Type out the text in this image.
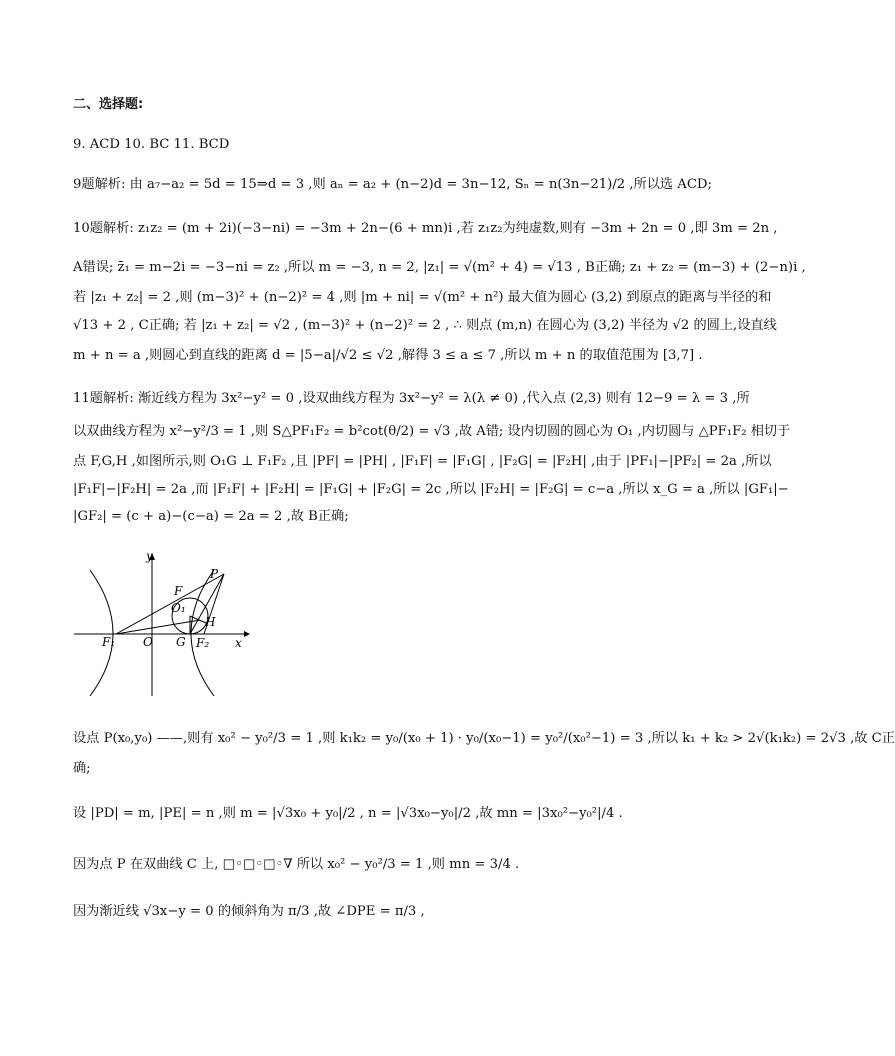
二、选择题:
9. ACD 10. BC 11. BCD
9题解析: 由 a₇−a₂ = 5d = 15⇒d = 3 ,则 aₙ = a₂ + (n−2)d = 3n−12, Sₙ = n(3n−21)/2 ,所以选 ACD;
10题解析: z₁z₂ = (m + 2i)(−3−ni) = −3m + 2n−(6 + mn)i ,若 z₁z₂为纯虚数,则有 −3m + 2n = 0 ,即 3m = 2n ,
A错误; z̄₁ = m−2i = −3−ni = z₂ ,所以 m = −3, n = 2, |z₁| = √(m² + 4) = √13 , B正确; z₁ + z₂ = (m−3) + (2−n)i ,
若 |z₁ + z₂| = 2 ,则 (m−3)² + (n−2)² = 4 ,则 |m + ni| = √(m² + n²) 最大值为圆心 (3,2) 到原点的距离与半径的和
√13 + 2 , C正确; 若 |z₁ + z₂| = √2 , (m−3)² + (n−2)² = 2 , ∴ 则点 (m,n) 在圆心为 (3,2) 半径为 √2 的圆上,设直线
m + n = a ,则圆心到直线的距离 d = |5−a|/√2 ≤ √2 ,解得 3 ≤ a ≤ 7 ,所以 m + n 的取值范围为 [3,7] .
11题解析: 渐近线方程为 3x²−y² = 0 ,设双曲线方程为 3x²−y² = λ(λ ≠ 0) ,代入点 (2,3) 则有 12−9 = λ = 3 ,所
以双曲线方程为 x²−y²/3 = 1 ,则 S△PF₁F₂ = b²cot(θ/2) = √3 ,故 A错; 设内切圆的圆心为 O₁ ,内切圆与 △PF₁F₂ 相切于
点 F,G,H ,如图所示,则 O₁G ⊥ F₁F₂ ,且 |PF| = |PH| , |F₁F| = |F₁G| , |F₂G| = |F₂H| ,由于 |PF₁|−|PF₂| = 2a ,所以
|F₁F|−|F₂H| = 2a ,而 |F₁F| + |F₂H| = |F₁G| + |F₂G| = 2c ,所以 |F₂H| = |F₂G| = c−a ,所以 x_G = a ,所以 |GF₁|−
|GF₂| = (c + a)−(c−a) = 2a = 2 ,故 B正确;
y
x
P
F
O₁
H
F₁ O G F₂
设点 P(x₀,y₀) ——,则有 x₀² − y₀²/3 = 1 ,则 k₁k₂ = y₀/(x₀ + 1) · y₀/(x₀−1) = y₀²/(x₀²−1) = 3 ,所以 k₁ + k₂ > 2√(k₁k₂) = 2√3 ,故 C正
确;
设 |PD| = m, |PE| = n ,则 m = |√3x₀ + y₀|/2 , n = |√3x₀−y₀|/2 ,故 mn = |3x₀²−y₀²|/4 .
因为点 P 在双曲线 C 上, □◦□◦□◦∇ 所以 x₀² − y₀²/3 = 1 ,则 mn = 3/4 .
因为渐近线 √3x−y = 0 的倾斜角为 π/3 ,故 ∠DPE = π/3 ,
